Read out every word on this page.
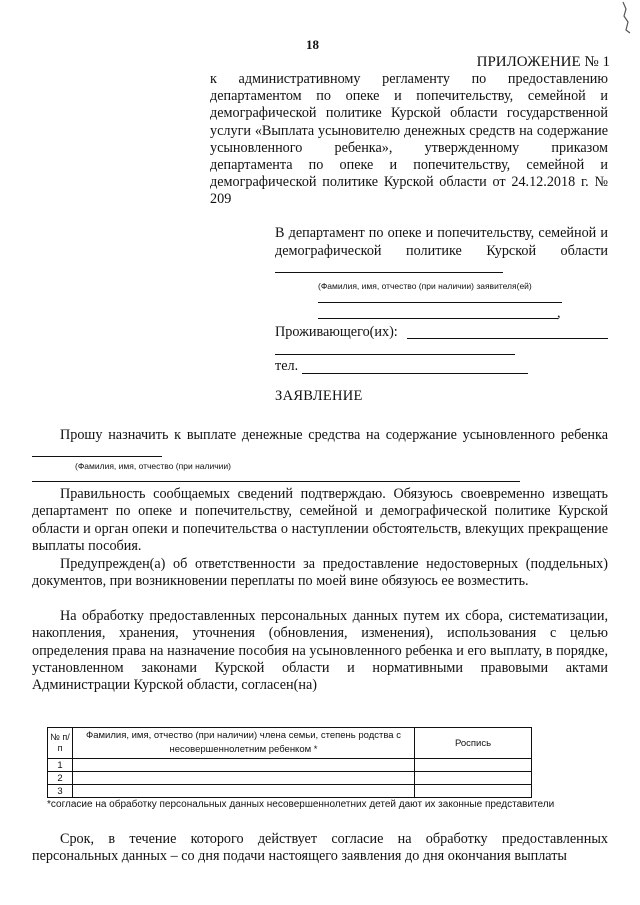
18
ПРИЛОЖЕНИЕ № 1
к административному регламенту по предоставлению департаментом по опеке и попечительству, семейной и демографической политике Курской области государственной услуги «Выплата усыновителю денежных средств на содержание усыновленного ребенка», утвержденному приказом департамента по опеке и попечительству, семейной и демографической политике Курской области от 24.12.2018 г. № 209
В департамент по опеке и попечительству, семейной и демографической политике Курской области
(Фамилия, имя, отчество (при наличии) заявителя(ей)
,
Проживающего(их):
тел.
ЗАЯВЛЕНИЕ
Прошу назначить к выплате денежные средства на содержание усыновленного ребенка
(Фамилия, имя, отчество (при наличии)
Правильность сообщаемых сведений подтверждаю. Обязуюсь своевременно извещать департамент по опеке и попечительству, семейной и демографической политике Курской области и орган опеки и попечительства о наступлении обстоятельств, влекущих прекращение выплаты пособия.
Предупрежден(а) об ответственности за предоставление недостоверных (поддельных) документов, при возникновении переплаты по моей вине обязуюсь ее возместить.
На обработку предоставленных персональных данных путем их сбора, систематизации, накопления, хранения, уточнения (обновления, изменения), использования с целью определения права на назначение пособия на усыновленного ребенка и его выплату, в порядке, установленном законами Курской области и нормативными правовыми актами Администрации Курской области, согласен(на)
№ п/п	Фамилия, имя, отчество (при наличии) члена семьи, степень родства с несовершеннолетним ребенком *	Роспись
1		
2		
3		
*согласие на обработку персональных данных несовершеннолетних детей дают их законные представители
Срок, в течение которого действует согласие на обработку предоставленных персональных данных – со дня подачи настоящего заявления до дня окончания выплаты
